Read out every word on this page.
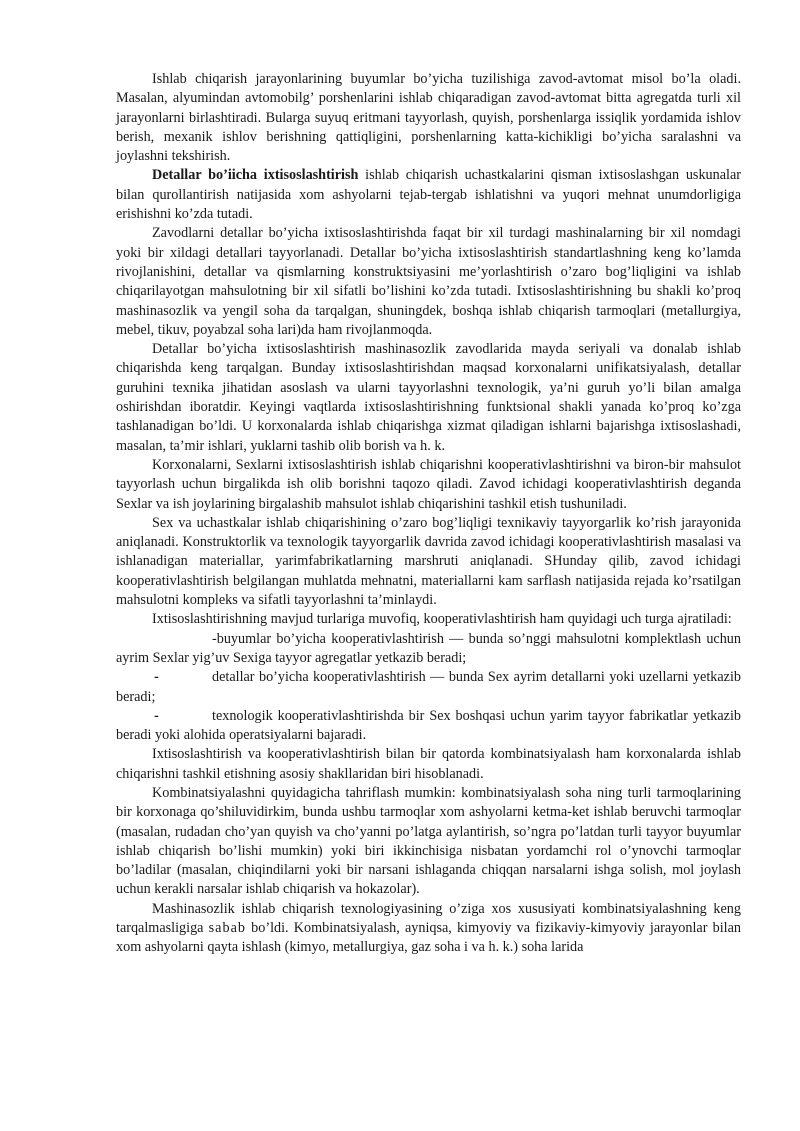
Ishlab chiqarish jarayonlarining buyumlar bo’yicha tuzilishiga zavod-avtomat misol bo’la oladi. Masalan, alyumindan avtomobilg’ porshenlarini ishlab chiqaradigan zavod-avtomat bitta agregatda turli xil jarayonlarni birlashtiradi. Bularga suyuq eritmani tayyorlash, quyish, porshenlarga issiqlik yordamida ishlov berish, mexanik ishlov berishning qattiqligini, porshenlarning katta-kichikligi bo’yicha saralashni va joylashni tekshirish.

Detallar bo’iicha ixtisoslashtirish ishlab chiqarish uchastkalarini qisman ixtisoslashgan uskunalar bilan qurollantirish natijasida xom ashyolarni tejab-tergab ishlatishni va yuqori mehnat unumdorligiga erishishni ko’zda tutadi.

Zavodlarni detallar bo’yicha ixtisoslashtirishda faqat bir xil turdagi mashinalarning bir xil nomdagi yoki bir xildagi detallari tayyorlanadi. Detallar bo’yicha ixtisoslashtirish standartlashning keng ko’lamda rivojlanishini, detallar va qismlarning konstruktsiyasini me’yorlashtirish o’zaro bog’liqligini va ishlab chiqarilayotgan mahsulotning bir xil sifatli bo’lishini ko’zda tutadi. Ixtisoslashtirishning bu shakli ko’proq mashinasozlik va yengil soha da tarqalgan, shuningdek, boshqa ishlab chiqarish tarmoqlari (metallurgiya, mebel, tikuv, poyabzal soha lari)da ham rivojlanmoqda.

Detallar bo’yicha ixtisoslashtirish mashinasozlik zavodlarida mayda seriyali va donalab ishlab chiqarishda keng tarqalgan. Bunday ixtisoslashtirishdan maqsad korxonalarni unifikatsiyalash, detallar guruhini texnika jihatidan asoslash va ularni tayyorlashni texnologik, ya’ni guruh yo’li bilan amalga oshirishdan iboratdir. Keyingi vaqtlarda ixtisoslashtirishning funktsional shakli yanada ko’proq ko’zga tashlanadigan bo’ldi. U korxonalarda ishlab chiqarishga xizmat qiladigan ishlarni bajarishga ixtisoslashadi, masalan, ta’mir ishlari, yuklarni tashib olib borish va h. k.

Korxonalarni, Sexlarni ixtisoslashtirish ishlab chiqarishni kooperativlashtirishni va biron-bir mahsulot tayyorlash uchun birgalikda ish olib borishni taqozo qiladi. Zavod ichidagi kooperativlashtirish deganda Sexlar va ish joylarining birgalashib mahsulot ishlab chiqarishini tashkil etish tushuniladi.

Sex va uchastkalar ishlab chiqarishining o’zaro bog’liqligi texnikaviy tayyorgarlik ko’rish jarayonida aniqlanadi. Konstruktorlik va texnologik tayyorgarlik davrida zavod ichidagi kooperativlashtirish masalasi va ishlanadigan materiallar, yarimfabrikatlarning marshruti aniqlanadi. SHunday qilib, zavod ichidagi kooperativlashtirish belgilangan muhlatda mehnatni, materiallarni kam sarflash natijasida rejada ko’rsatilgan mahsulotni kompleks va sifatli tayyorlashni ta’minlaydi.

Ixtisoslashtirishning mavjud turlariga muvofiq, kooperativlashtirish ham quyidagi uch turga ajratiladi:

-buyumlar bo’yicha kooperativlashtirish — bunda so’nggi mahsulotni komplektlash uchun ayrim Sexlar yig’uv Sexiga tayyor agregatlar yetkazib beradi;

-	detallar bo’yicha kooperativlashtirish — bunda Sex ayrim detallarni yoki uzellarni yetkazib beradi;

-	texnologik kooperativlashtirishda bir Sex boshqasi uchun yarim tayyor fabrikatlar yetkazib beradi yoki alohida operatsiyalarni bajaradi.

Ixtisoslashtirish va kooperativlashtirish bilan bir qatorda kombinatsiyalash ham korxonalarda ishlab chiqarishni tashkil etishning asosiy shakllaridan biri hisoblanadi.

Kombinatsiyalashni quyidagicha tahriflash mumkin: kombinatsiyalash soha ning turli tarmoqlarining bir korxonaga qo’shiluvidirkim, bunda ushbu tarmoqlar xom ashyolarni ketma-ket ishlab beruvchi tarmoqlar (masalan, rudadan cho’yan quyish va cho’yanni po’latga aylantirish, so’ngra po’latdan turli tayyor buyumlar ishlab chiqarish bo’lishi mumkin) yoki biri ikkinchisiga nisbatan yordamchi rol o’ynovchi tarmoqlar bo’ladilar (masalan, chiqindilarni yoki bir narsani ishlaganda chiqqan narsalarni ishga solish, mol joylash uchun kerakli narsalar ishlab chiqarish va hokazolar).

Mashinasozlik ishlab chiqarish texnologiyasining o’ziga xos xususiyati kombinatsiyalashning keng tarqalmasligiga sabab bo’ldi. Kombinatsiyalash, ayniqsa, kimyoviy va fizikaviy-kimyoviy jarayonlar bilan xom ashyolarni qayta ishlash (kimyo, metallurgiya, gaz soha i va h. k.) soha larida
